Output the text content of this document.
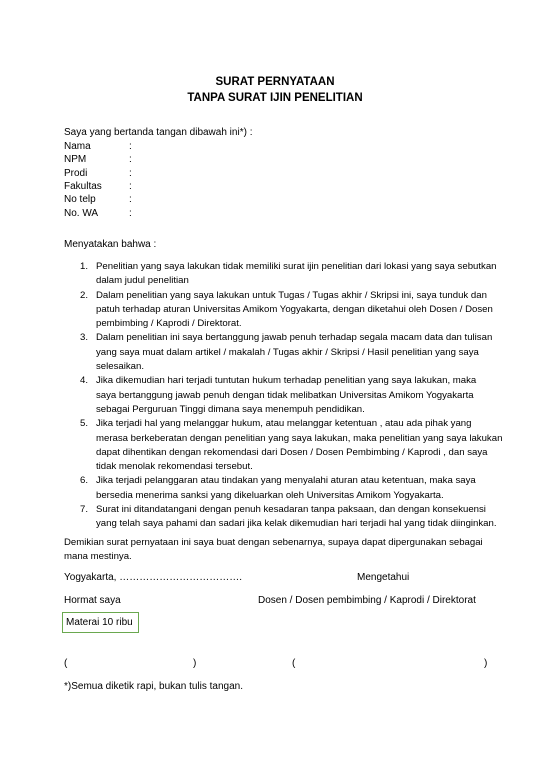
SURAT PERNYATAAN
TANPA SURAT IJIN PENELITIAN
Saya yang bertanda tangan dibawah ini*) :
Nama	:
NPM	:
Prodi	:
Fakultas	:
No telp	:
No. WA	:
Menyatakan bahwa :
1. Penelitian yang saya lakukan tidak memiliki surat ijin penelitian dari lokasi yang saya sebutkan
dalam judul penelitian
2. Dalam penelitian yang saya lakukan untuk Tugas / Tugas akhir / Skripsi ini, saya tunduk dan
patuh terhadap aturan Universitas Amikom Yogyakarta, dengan diketahui oleh Dosen / Dosen
pembimbing / Kaprodi / Direktorat.
3. Dalam penelitian ini saya bertanggung jawab penuh terhadap segala macam data dan tulisan
yang saya muat dalam artikel / makalah / Tugas akhir / Skripsi / Hasil penelitian yang saya
selesaikan.
4. Jika dikemudian hari terjadi tuntutan hukum terhadap penelitian yang saya lakukan, maka
saya bertanggung jawab penuh dengan tidak melibatkan Universitas Amikom Yogyakarta
sebagai Perguruan Tinggi dimana saya menempuh pendidikan.
5. Jika terjadi hal yang melanggar hukum, atau melanggar ketentuan , atau ada pihak yang
merasa berkeberatan dengan penelitian yang saya lakukan, maka penelitian yang saya lakukan
dapat dihentikan dengan rekomendasi dari Dosen / Dosen Pembimbing / Kaprodi , dan saya
tidak menolak rekomendasi tersebut.
6. Jika terjadi pelanggaran atau tindakan yang menyalahi aturan atau ketentuan, maka saya
bersedia menerima sanksi yang dikeluarkan oleh Universitas Amikom Yogyakarta.
7. Surat ini ditandatangani dengan penuh kesadaran tanpa paksaan, dan dengan konsekuensi
yang telah saya pahami dan sadari jika kelak dikemudian hari terjadi hal yang tidak diinginkan.
Demikian surat pernyataan ini saya buat dengan sebenarnya, supaya dapat dipergunakan sebagai
mana mestinya.
Yogyakarta, ……………………………….	Mengetahui
Hormat saya	Dosen / Dosen pembimbing / Kaprodi / Direktorat
Materai 10 ribu
(	)	(	)
*)Semua diketik rapi, bukan tulis tangan.
